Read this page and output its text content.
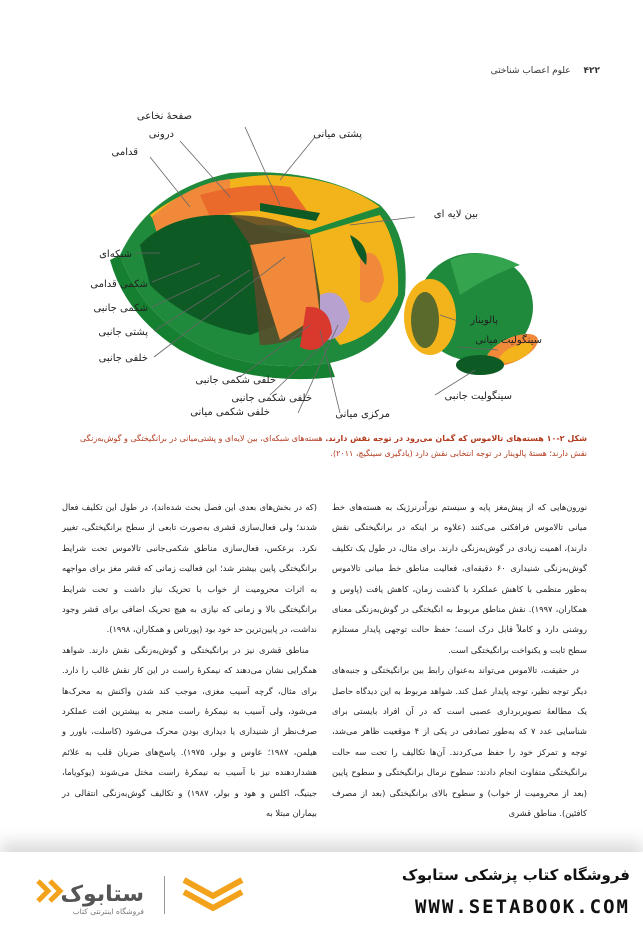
۴۲۲ علوم اعصاب شناختی
صفحهٔ نخاعی
درونی
قدامی
پشتی میانی
بین لایه ای
شبکه‌ای
شکمی قدامی
شکمی جانبی
پشتی جانبی
خلفی جانبی
خلفی شکمی جانبی
خلفی شکمی جانبی
خلفی شکمی میانی	مرکزی میانی
پالوینار
سینگولیت میانی
سینگولیت جانبی
شکل ۲-۱۰ هسته‌های تالاموس که گمان می‌رود در توجه نقش دارند. هسته‌های شبکه‌ای، بین لایه‌ای و پشتی‌میانی در برانگیختگی و گوش‌به‌زنگی نقش دارند؛ هستهٔ پالوینار در توجه انتخابی نقش دارد (یادگیری سینگیچ، ۲۰۱۱).

نورون‌هایی که از پیش‌مغز پایه و سیستم نوراًدرنرژیک به هسته‌های خط میانی تالاموس فرافکنی می‌کنند (علاوه بر اینکه در برانگیختگی نقش دارند)، اهمیت زیادی در گوش‌به‌زنگی دارند. برای مثال، در طول یک تکلیف گوش‌به‌زنگی شنیداری ۶۰ دقیقه‌ای، فعالیت مناطق خط میانی تالاموس به‌طور منظمی با کاهش عملکرد با گذشت زمان، کاهش یافت (پاوس و همکاران، ۱۹۹۷). نقش مناطق مربوط به انگیختگی در گوش‌به‌زنگی معنای روشنی دارد و کاملاً قابل درک است؛ حفظ حالت توجهی پایدار مستلزم سطح ثابت و یکنواخت برانگیختگی است.

در حقیقت، تالاموس می‌تواند به‌عنوان رابط بین برانگیختگی و جنبه‌های دیگر توجه نظیر، توجه پایدار عمل کند. شواهد مربوط به این دیدگاه حاصل یک مطالعهٔ تصویربرداری عصبی است که در آن افراد بایستی برای شناسایی عدد ۷ که به‌طور تصادفی در یکی از ۴ موقعیت ظاهر می‌شد، توجه و تمرکز خود را حفظ می‌کردند. آن‌ها تکالیف را تحت سه حالت برانگیختگی متفاوت انجام دادند: سطوح نرمال برانگیختگی و سطوح پایین (بعد از محرومیت از خواب) و سطوح بالای برانگیختگی (بعد از مصرف کافئین). مناطق قشری

(که در بخش‌های بعدی این فصل بحث شده‌اند)، در طول این تکلیف فعال شدند؛ ولی فعال‌سازی قشری به‌صورت تابعی از سطح برانگیختگی، تغییر نکرد. برعکس، فعال‌سازی مناطق شکمی‌جانبی تالاموس تحت شرایط برانگیختگی پایین بیشتر شد؛ این فعالیت زمانی که قشر مغز برای مواجهه به اثرات محرومیت از خواب با تحریک نیاز داشت و تحت شرایط برانگیختگی بالا و زمانی که نیازی به هیچ تحریک اضافی برای قشر وجود نداشت، در پایین‌ترین حد خود بود (پورتاس و همکاران، ۱۹۹۸).

مناطق قشری نیز در برانگیختگی و گوش‌به‌زنگی نقش دارند. شواهد همگرایی نشان می‌دهند که نیمکرهٔ راست در این کار نقش غالب را دارد. برای مثال، گرچه آسیب مغزی، موجب کند شدن واکنش به محرک‌ها می‌شود، ولی آسیب به نیمکرهٔ راست منجر به بیشترین افت عملکرد صرف‌نظر از شنیداری یا دیداری بودن محرک می‌شود (کاسلت، باورر و هیلمن، ۱۹۸۷؛ عاوس و بولر، ۱۹۷۵). پاسخ‌های ضربان قلب به علائم هشداردهنده نیز با آسیب به نیمکرهٔ راست مختل می‌شوند (یوکویاما، جینیگ، اکلس و هود و بولر، ۱۹۸۷) و تکالیف گوش‌به‌زنگی انتقالی در بیماران مبتلا به

فروشگاه کتاب پزشکی ستابوک
WWW.SETABOOK.COM
ستابوک
فروشگاه اینترنتی کتاب
